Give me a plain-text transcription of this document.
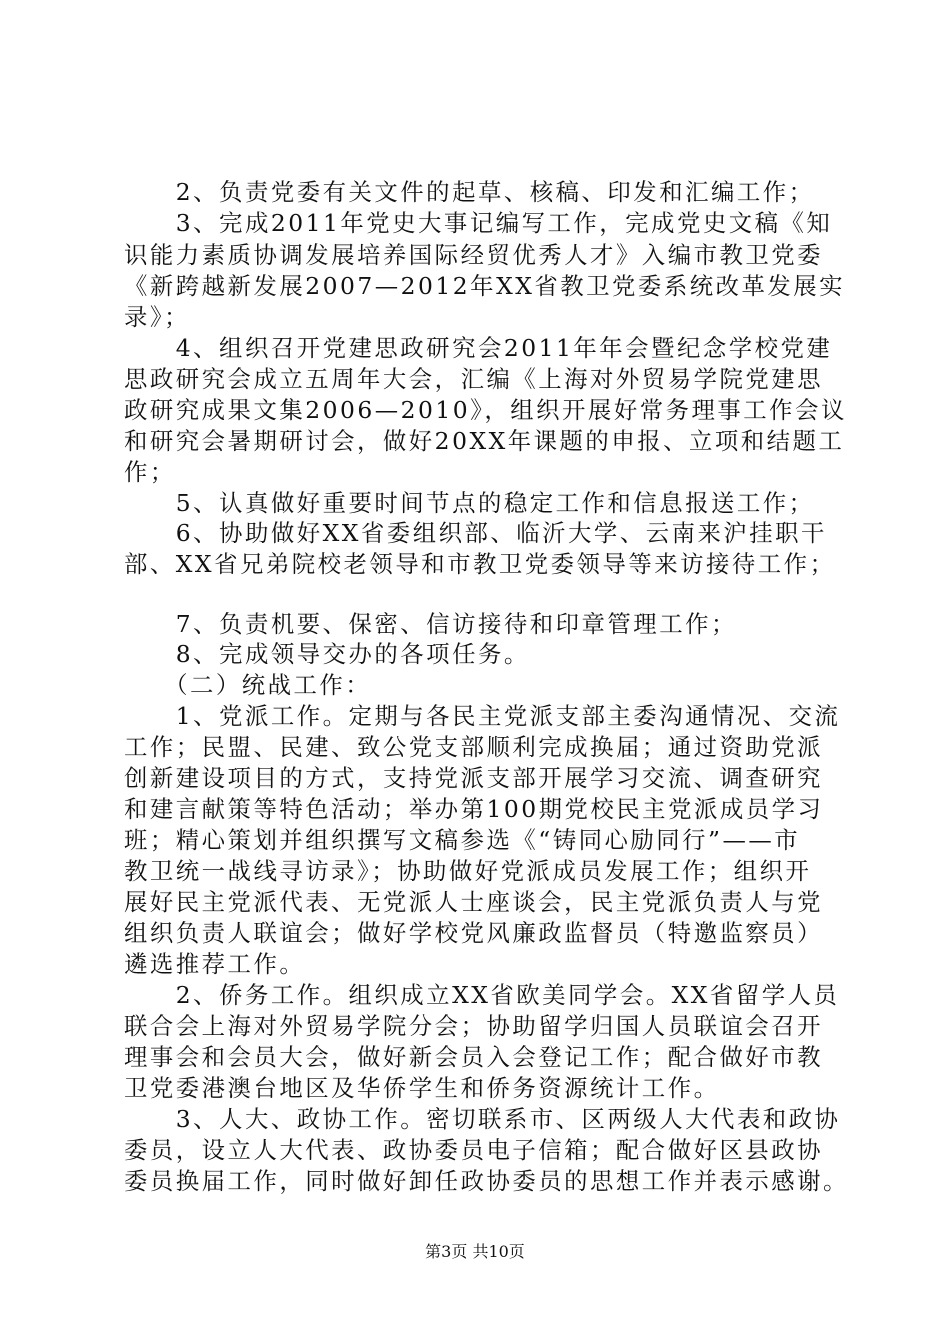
　　2、负责党委有关文件的起草、核稿、印发和汇编工作；
　　3、完成2011年党史大事记编写工作，完成党史文稿《知
识能力素质协调发展培养国际经贸优秀人才》入编市教卫党委
《新跨越新发展2007—2012年XX省教卫党委系统改革发展实
录》；
　　4、组织召开党建思政研究会2011年年会暨纪念学校党建
思政研究会成立五周年大会，汇编《上海对外贸易学院党建思
政研究成果文集2006—2010》，组织开展好常务理事工作会议
和研究会暑期研讨会，做好20XX年课题的申报、立项和结题工
作；
　　5、认真做好重要时间节点的稳定工作和信息报送工作；
　　6、协助做好XX省委组织部、临沂大学、云南来沪挂职干
部、XX省兄弟院校老领导和市教卫党委领导等来访接待工作；
　　7、负责机要、保密、信访接待和印章管理工作；
　　8、完成领导交办的各项任务。
　　（二）统战工作：
　　1、党派工作。定期与各民主党派支部主委沟通情况、交流
工作；民盟、民建、致公党支部顺利完成换届；通过资助党派
创新建设项目的方式，支持党派支部开展学习交流、调查研究
和建言献策等特色活动；举办第100期党校民主党派成员学习
班；精心策划并组织撰写文稿参选《“铸同心励同行”——市
教卫统一战线寻访录》；协助做好党派成员发展工作；组织开
展好民主党派代表、无党派人士座谈会，民主党派负责人与党
组织负责人联谊会；做好学校党风廉政监督员（特邀监察员）
遴选推荐工作。
　　2、侨务工作。组织成立XX省欧美同学会。XX省留学人员
联合会上海对外贸易学院分会；协助留学归国人员联谊会召开
理事会和会员大会，做好新会员入会登记工作；配合做好市教
卫党委港澳台地区及华侨学生和侨务资源统计工作。
　　3、人大、政协工作。密切联系市、区两级人大代表和政协
委员，设立人大代表、政协委员电子信箱；配合做好区县政协
委员换届工作，同时做好卸任政协委员的思想工作并表示感谢。
第3页 共10页
